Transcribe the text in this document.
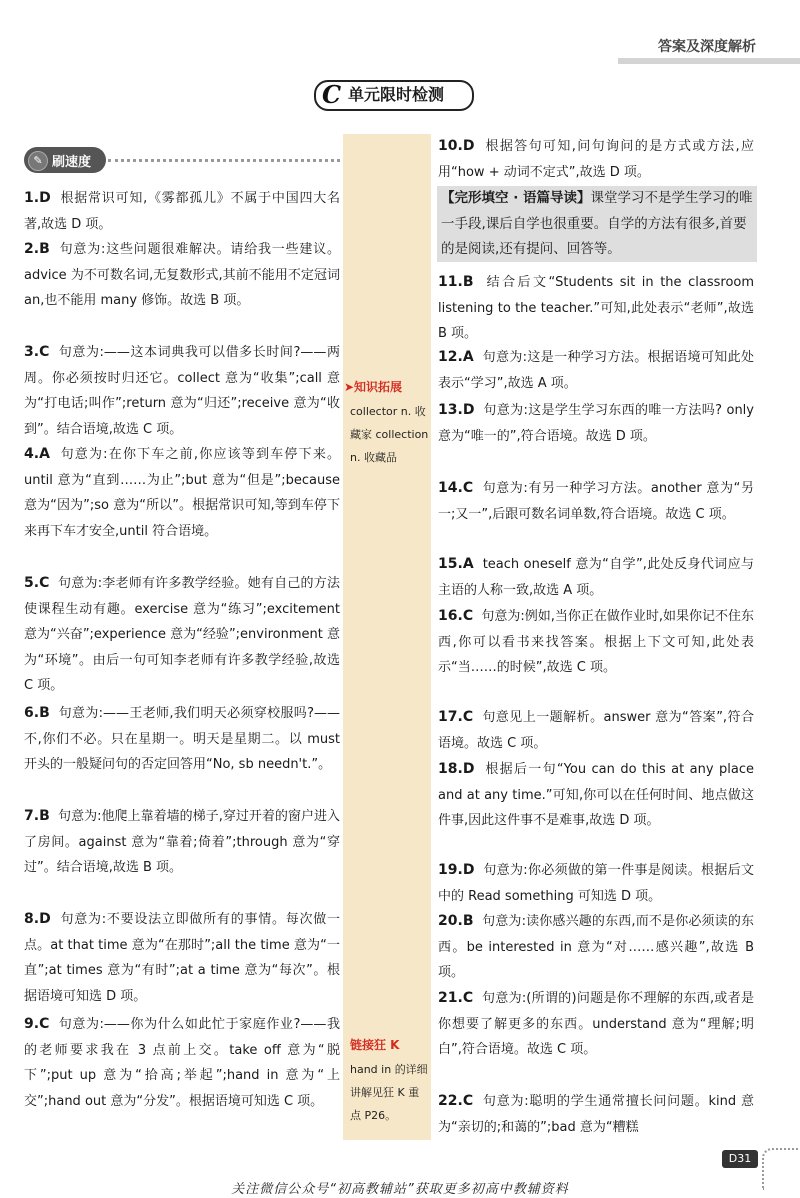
答案及深度解析
C 单元限时检测
✎ 刷速度
1.D 根据常识可知,《雾都孤儿》不属于中国四大名著,故选 D 项。
2.B 句意为:这些问题很难解决。请给我一些建议。advice 为不可数名词,无复数形式,其前不能用不定冠词 an,也不能用 many 修饰。故选 B 项。
3.C 句意为:——这本词典我可以借多长时间?——两周。你必须按时归还它。collect 意为“收集”;call 意为“打电话;叫作”;return 意为“归还”;receive 意为“收到”。结合语境,故选 C 项。
4.A 句意为:在你下车之前,你应该等到车停下来。until 意为“直到……为止”;but 意为“但是”;because 意为“因为”;so 意为“所以”。根据常识可知,等到车停下来再下车才安全,until 符合语境。
5.C 句意为:李老师有许多教学经验。她有自己的方法使课程生动有趣。exercise 意为“练习”;excitement 意为“兴奋”;experience 意为“经验”;environment 意为“环境”。由后一句可知李老师有许多教学经验,故选 C 项。
6.B 句意为:——王老师,我们明天必须穿校服吗?——不,你们不必。只在星期一。明天是星期二。以 must 开头的一般疑问句的否定回答用“No, sb needn't.”。
7.B 句意为:他爬上靠着墙的梯子,穿过开着的窗户进入了房间。against 意为“靠着;倚着”;through 意为“穿过”。结合语境,故选 B 项。
8.D 句意为:不要设法立即做所有的事情。每次做一点。at that time 意为“在那时”;all the time 意为“一直”;at times 意为“有时”;at a time 意为“每次”。根据语境可知选 D 项。
9.C 句意为:——你为什么如此忙于家庭作业?——我的老师要求我在 3 点前上交。take off 意为“脱下”;put up 意为“拾高;举起”;hand in 意为“上交”;hand out 意为“分发”。根据语境可知选 C 项。
➤知识拓展
collector n. 收藏家 collection n. 收藏品
链接狂 K
hand in 的详细讲解见狂 K 重点 P26。
10.D 根据答句可知,问句询问的是方式或方法,应用“how + 动词不定式”,故选 D 项。
【完形填空 · 语篇导读】课堂学习不是学生学习的唯一手段,课后自学也很重要。自学的方法有很多,首要的是阅读,还有提问、回答等。
11.B 结合后文“Students sit in the classroom listening to the teacher.”可知,此处表示“老师”,故选 B 项。
12.A 句意为:这是一种学习方法。根据语境可知此处表示“学习”,故选 A 项。
13.D 句意为:这是学生学习东西的唯一方法吗? only 意为“唯一的”,符合语境。故选 D 项。
14.C 句意为:有另一种学习方法。another 意为“另一;又一”,后跟可数名词单数,符合语境。故选 C 项。
15.A teach oneself 意为“自学”,此处反身代词应与主语的人称一致,故选 A 项。
16.C 句意为:例如,当你正在做作业时,如果你记不住东西,你可以看书来找答案。根据上下文可知,此处表示“当……的时候”,故选 C 项。
17.C 句意见上一题解析。answer 意为“答案”,符合语境。故选 C 项。
18.D 根据后一句“You can do this at any place and at any time.”可知,你可以在任何时间、地点做这件事,因此这件事不是难事,故选 D 项。
19.D 句意为:你必须做的第一件事是阅读。根据后文中的 Read something 可知选 D 项。
20.B 句意为:读你感兴趣的东西,而不是你必须读的东西。be interested in 意为“对……感兴趣”,故选 B 项。
21.C 句意为:(所谓的)问题是你不理解的东西,或者是你想要了解更多的东西。understand 意为“理解;明白”,符合语境。故选 C 项。
22.C 句意为:聪明的学生通常擅长问问题。kind 意为“亲切的;和蔼的”;bad 意为“糟糕
D31
关注微信公众号“初高教辅站”获取更多初高中教辅资料
